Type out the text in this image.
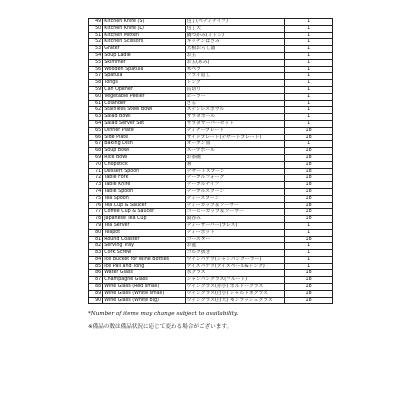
49	Kitchen Knife (S)	包丁(ペティナイフ)	1
50	Kitchen Knife (L)	包丁大	1
51	Kitchen Mitten	鍋つかみ(ミトン)	1
52	Kitchen Scissors	キッチンばさみ	1
53	Grater	大根おろし器	1
54	Soup Ladle	お玉	1
55	Skimmer	お玉(あみ)	1
56	Wooden Spatula	木ベラ	1
57	Spatula	フライ返し	1
58	Tongs	トング	1
59	Can Opener	缶切り	1
60	Vegetable Peeler	ピーラー	1
61	Colander	ざる	1
62	Stainless Steel Bowl	ステンレスボウル	1
63	Salad Bowl	サラダボール	1
64	Salad Server Set	サラダサーバーセット	1
65	Dinner Plate	ディナープレート	18
66	Side Plate	サイドプレート(デザートプレート)	18
67	Baking Dish	オーブン皿	1
68	Soup Bowl	スープボール	18
69	Rice Bowl	お茶碗	18
70	Chopstick	箸	18
71	Dessert Spoon	デザートスプーン	18
72	Table Fork	テーブルフォーク	18
73	Table Knife	テーブルナイフ	18
74	Table Spoon	テーブルスプーン	18
75	Tea Spoon	ティースプーン	18
76	Tea Cup & Saucer	ティーカップ＆ソーサー	18
77	Coffee Cup & Saucer	コーヒーカップ＆ソーサー	18
78	Japanese Tea Cup	湯呑み	18
79	Tea Server	ティーサーバー(プレス)	1
80	Teapot	ティーポット	1
81	Round Coaster	コースター	18
82	Serving Tray	お盆	1
83	Cork Screw	コルク抜き	1
84	Ice Bucket for Wine Bottles	ワインバケツ(シャンパンクーラー)	1
85	Ice Pail and Tong	アイスバケツ(アイスペール&トング)	1
86	Water Glass	水グラス	18
87	Champagne Glass	シャンパングラス(フルート)	18
88	Wine Glass (Red small)	ワイングラス(赤小) ボルドーグラス	18
89	Wine Glass (White small)	ワイングラス(白小) シャルドネグラス	18
90	Wine Glass (White big)	ワイングラス(白大) モンラッシェグラス	18
*Number of items may change subject to availability.
※備品の数は備品状況に応じて変わる場合がございます。
